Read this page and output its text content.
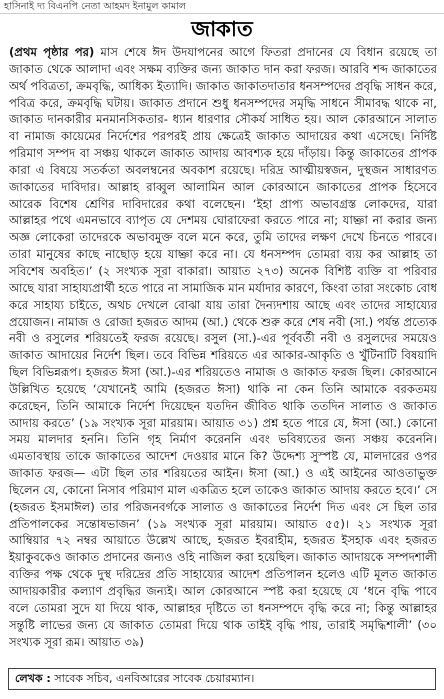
হাসিনাই দ্য বিএনপি নেতা আহমদ ইনামুল কামাল
জাকাত

(প্রথম পৃষ্ঠার পর) মাস শেষে ঈদ উদযাপনের আগে ফিতরা প্রদানের যে বিধান রয়েছে তা জাকাত থেকে আলাদা এবং সক্ষম ব্যক্তির জন্য জাকাত দান করা ফরজ। আরবি শব্দ জাকাতের অর্থ পবিত্রতা, ক্রমবৃদ্ধি, আধিক্য ইত্যাদি। জাকাত জাকাতদাতার ধনসম্পদের প্রবৃদ্ধি সাধন করে, পবিত্র করে, ক্রমবৃদ্ধি ঘটায়। জাকাত প্রদানে শুধু ধনসম্পদের সমৃদ্ধি সাধনে সীমাবদ্ধ থাকে না, জাকাত দানকারীর মনমানসিকতার- ধ্যান ধারণার সৌকর্য সাধিত হয়। আল কোরআনে সালাত বা নামাজ কায়েমের নির্দেশের পরপরই প্রায় ক্ষেত্রেই জাকাত আদায়ের কথা এসেছে। নির্দিষ্ট পরিমাণ সম্পদ বা সঞ্চয় থাকলে জাকাত আদায় আবশ্যক হয়ে দাঁড়ায়। কিন্তু জাকাতের প্রাপক কারা এ বিষয়ে সতর্কতা অবলম্বনের অবকাশ রয়েছে। দরিদ্র আত্মীয়স্বজন, দুস্থজন সাধারণত জাকাতের দাবিদার। আল্লাহ রাব্বুল আলামিন আল কোরআনে জাকাতের প্রাপক হিসেবে আরেক বিশেষ শ্রেণির দাবিদারের কথা বলেছেন। ‘ইহা প্রাপ্য অভাবগ্রস্ত লোকদের, যারা আল্লাহর পথে এমনভাবে ব্যাপৃত যে দেশময় ঘোরাফেরা করতে পারে না; যাচ্ঞা না করার জন্য অজ্ঞ লোকেরা তাদেরকে অভাবমুক্ত বলে মনে করে, তুমি তাদের লক্ষণ দেখে চিনতে পারবে। তারা মানুষের কাছে নাছোড় হয়ে যাচ্ঞা করে না। যে ধনসম্পদ তোমরা ব্যয় কর আল্লাহ তা সবিশেষ অবহিত।’ (২ সংখ্যক সূরা বাকারা। আয়াত ২৭৩) অনেক বিশিষ্ট ব্যক্তি বা পরিবার আছে যারা সাহায্যপ্রার্থী হতে পারে না সামাজিক মান মর্যাদার কারণে, কিংবা তারা সংকোচ বোধ করে সাহায্য চাইতে, অথচ দেখলে বোঝা যায় তারা দৈন্যদশায় আছে এবং তাদের সাহায্যের প্রয়োজন। নামাজ ও রোজা হজরত আদম (আ.) থেকে শুরু করে শেষ নবী (সা.) পর্যন্ত প্রত্যেক নবী ও রসুলের শরিয়তেই ফরজ রয়েছে। রসুল (সা.)-এর পূর্ববর্তী নবী ও রসুলদের সময়েও জাকাত আদায়ের নির্দেশ ছিল। তবে বিভিন্ন শরিয়তে এর আকার-আকৃতি ও খুঁটিনাটি বিষয়াদি ছিল বিভিন্নরূপ। হজরত ঈসা (আ.)-এর শরিয়তেও নামাজ ও জাকাত ফরজ ছিল। কোরআনে উল্লিখিত হয়েছে ‘যেখানেই আমি (হজরত ঈসা) থাকি না কেন তিনি আমাকে বরকতময় করেছেন, তিনি আমাকে নির্দেশ দিয়েছেন যতদিন জীবিত থাকি ততদিন সালাত ও জাকাত আদায় করতে’ (১৯ সংখ্যক সূরা মারয়াম। আয়াত ৩১) প্রশ্ন হতে পারে যে, ঈসা (আ.) কোনো সময় মালদার হননি। তিনি গৃহ নির্মাণ করেননি এবং ভবিষ্যতের জন্য সঞ্চয় করেননি। এমতাবস্থায় তাকে জাকাতের আদেশ দেওয়ার মানে কি? উদ্দেশ্য সুস্পষ্ট যে, মালদারের ওপর জাকাত ফরজ— এটা ছিল তার শরিয়তের আইন। ঈসা (আ.) ও এই আইনের আওতাভুক্ত ছিলেন যে, কোনো নিসাব পরিমাণ মাল একত্রিত হলে তাকেও জাকাত আদায় করতে হবে।’ সে (হজরত ইসমাঈল) তার পরিজনবর্গকে সালাত ও জাকাতের নির্দেশ দিত এবং সে ছিল তার প্রতিপালকের সন্তোষভাজন’ (১৯ সংখ্যক সূরা মারয়াম। আয়াত ৫৫)। ২১ সংখ্যক সূরা আম্বিয়ার ৭২ নম্বর আয়াতে উল্লেখ আছে, হজরত ইবরাহীম, হজরত ইসহাক এবং হজরত ইয়াকুবকেও জাকাত প্রদানের জন্যও ওহি নাজিল করা হয়েছিল। জাকাত আদায়কে সম্পদশালী ব্যক্তির পক্ষ থেকে দুস্থ দরিদ্রের প্রতি সাহায্যের আদেশ প্রতিপালন হলেও এটি মূলত জাকাত আদায়কারীর কল্যাণ প্রবৃদ্ধির জন্যই। আল কোরআনে স্পষ্ট করা হয়েছে যে ‘ধনে বৃদ্ধি পাবে বলে তোমরা সুদে যা দিয়ে থাক, আল্লাহর দৃষ্টিতে তা ধনসম্পদে বৃদ্ধি করে না; কিন্তু আল্লাহর সন্তুষ্টি লাভের জন্য যে জাকাত তোমরা দিয়ে থাক তাইই বৃদ্ধি পায়, তারাই সমৃদ্ধিশালী’ (৩০ সংখ্যক সূরা রূম। আয়াত ৩৯)

লেখক : সাবেক সচিব, এনবিআরের সাবেক চেয়ারম্যান।
